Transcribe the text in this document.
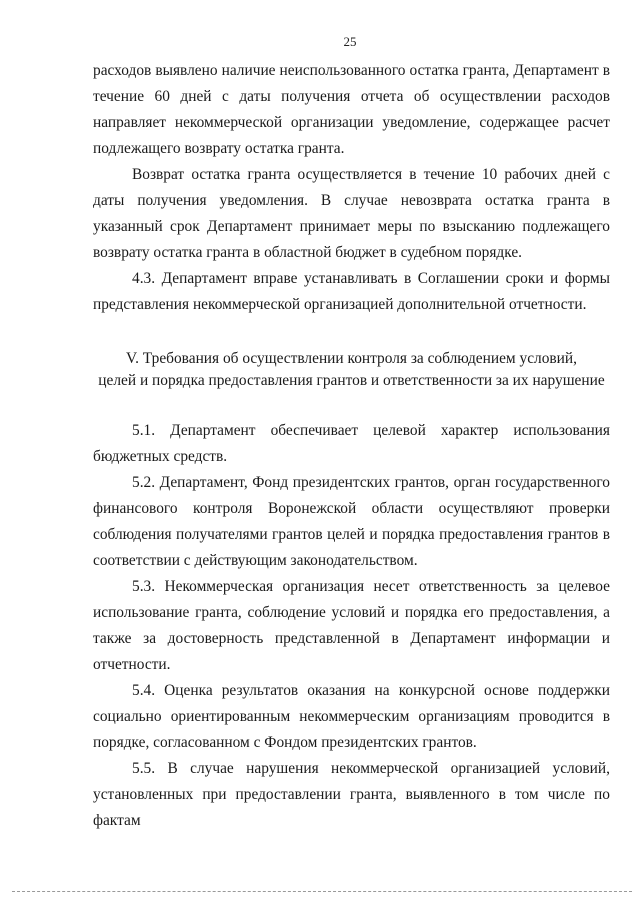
25

расходов выявлено наличие неиспользованного остатка гранта, Департамент в течение 60 дней с даты получения отчета об осуществлении расходов направляет некоммерческой организации уведомление, содержащее расчет подлежащего возврату остатка гранта.

Возврат остатка гранта осуществляется в течение 10 рабочих дней с даты получения уведомления. В случае невозврата остатка гранта в указанный срок Департамент принимает меры по взысканию подлежащего возврату остатка гранта в областной бюджет в судебном порядке.

4.3. Департамент вправе устанавливать в Соглашении сроки и формы представления некоммерческой организацией дополнительной отчетности.

V. Требования об осуществлении контроля за соблюдением условий,
целей и порядка предоставления грантов и ответственности за их нарушение

5.1. Департамент обеспечивает целевой характер использования бюджетных средств.

5.2. Департамент, Фонд президентских грантов, орган государственного финансового контроля Воронежской области осуществляют проверки соблюдения получателями грантов целей и порядка предоставления грантов в соответствии с действующим законодательством.

5.3. Некоммерческая организация несет ответственность за целевое использование гранта, соблюдение условий и порядка его предоставления, а также за достоверность представленной в Департамент информации и отчетности.

5.4. Оценка результатов оказания на конкурсной основе поддержки социально ориентированным некоммерческим организациям проводится в порядке, согласованном с Фондом президентских грантов.

5.5. В случае нарушения некоммерческой организацией условий, установленных при предоставлении гранта, выявленного в том числе по фактам
